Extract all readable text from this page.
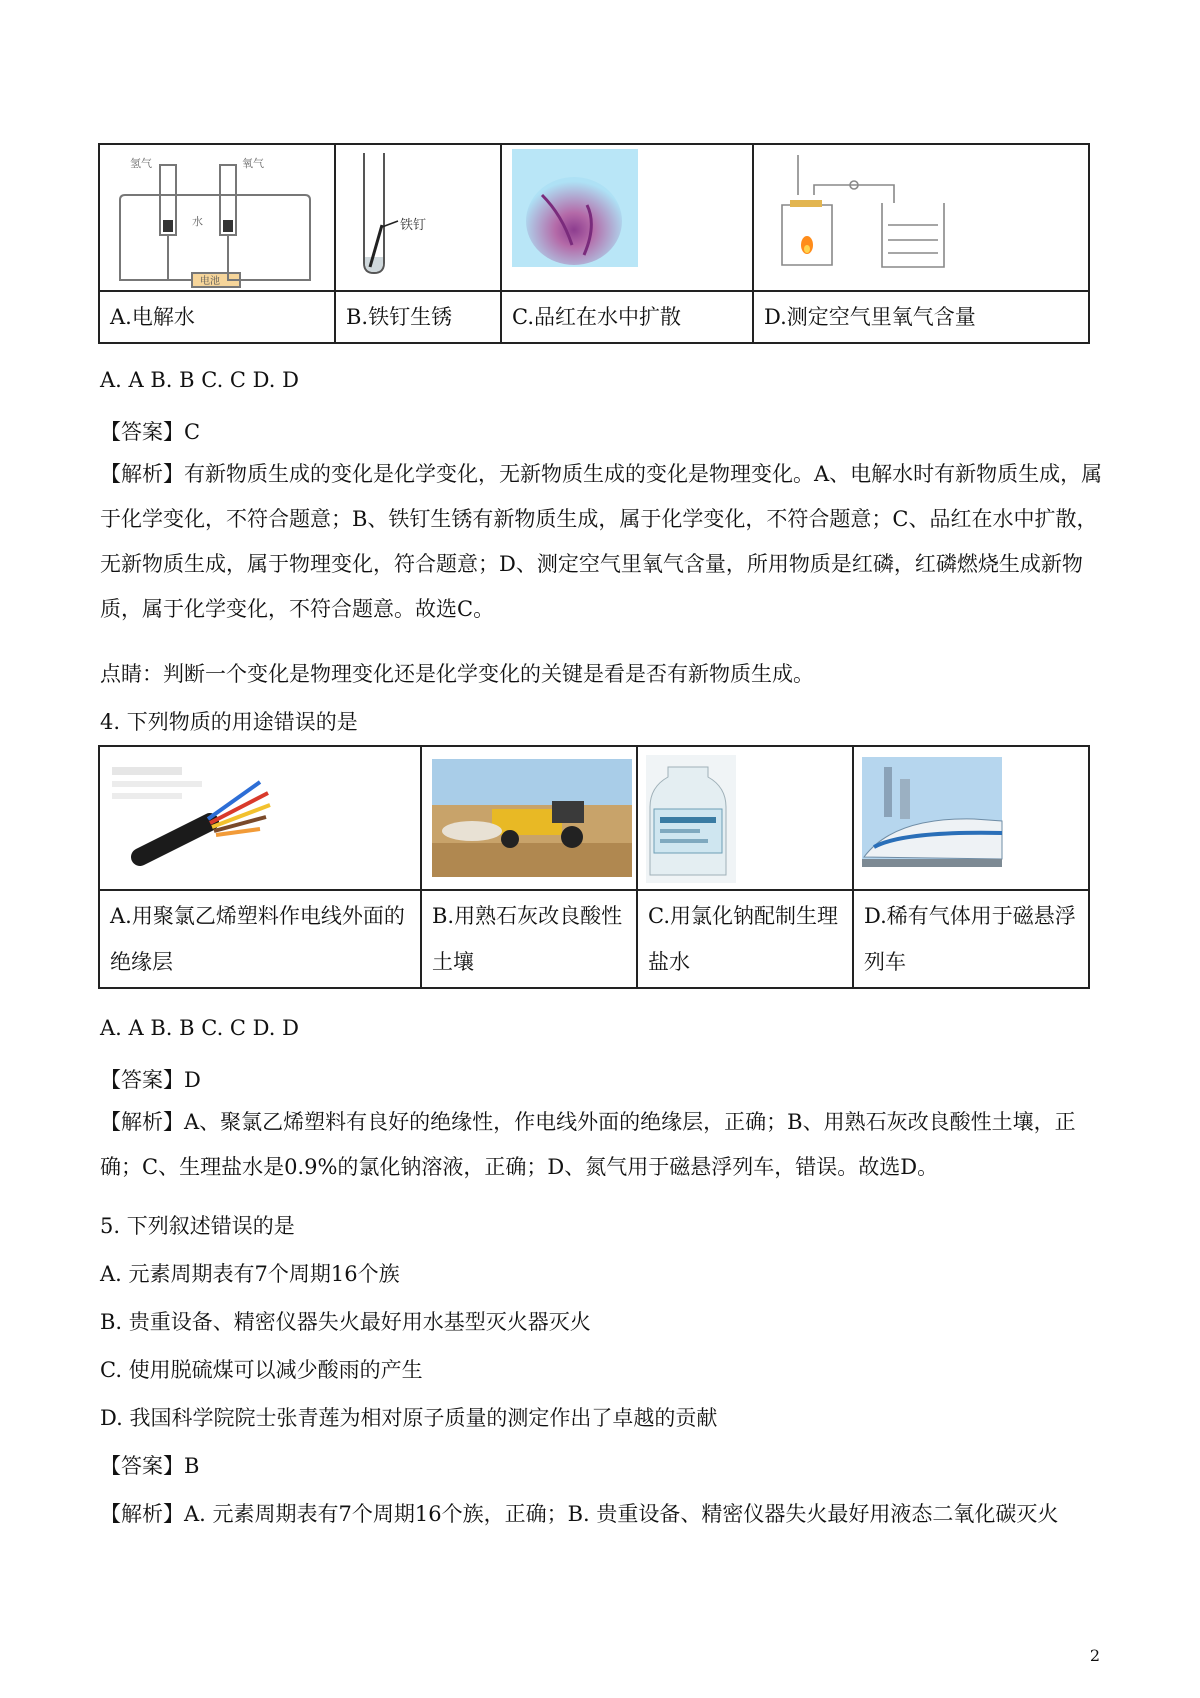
氢气 氧气
水
电池	铁钉

A.电解水	B.铁钉生锈	C.品红在水中扩散	D.测定空气里氧气含量
A. A B. B C. C D. D
【答案】C
【解析】有新物质生成的变化是化学变化，无新物质生成的变化是物理变化。A、电解水时有新物质生成，属于化学变化，不符合题意；B、铁钉生锈有新物质生成，属于化学变化，不符合题意；C、品红在水中扩散，无新物质生成，属于物理变化，符合题意；D、测定空气里氧气含量，所用物质是红磷，红磷燃烧生成新物质，属于化学变化，不符合题意。故选C。
点睛：判断一个变化是物理变化还是化学变化的关键是看是否有新物质生成。
4. 下列物质的用途错误的是

A.用聚氯乙烯塑料作电线外面的绝缘层	B.用熟石灰改良酸性土壤	C.用氯化钠配制生理盐水	D.稀有气体用于磁悬浮列车
A. A B. B C. C D. D
【答案】D
【解析】A、聚氯乙烯塑料有良好的绝缘性，作电线外面的绝缘层，正确；B、用熟石灰改良酸性土壤，正确；C、生理盐水是0.9%的氯化钠溶液，正确；D、氮气用于磁悬浮列车，错误。故选D。
5. 下列叙述错误的是
A. 元素周期表有7个周期16个族
B. 贵重设备、精密仪器失火最好用水基型灭火器灭火
C. 使用脱硫煤可以减少酸雨的产生
D. 我国科学院院士张青莲为相对原子质量的测定作出了卓越的贡献
【答案】B
【解析】A. 元素周期表有7个周期16个族，正确；B. 贵重设备、精密仪器失火最好用液态二氧化碳灭火
2
